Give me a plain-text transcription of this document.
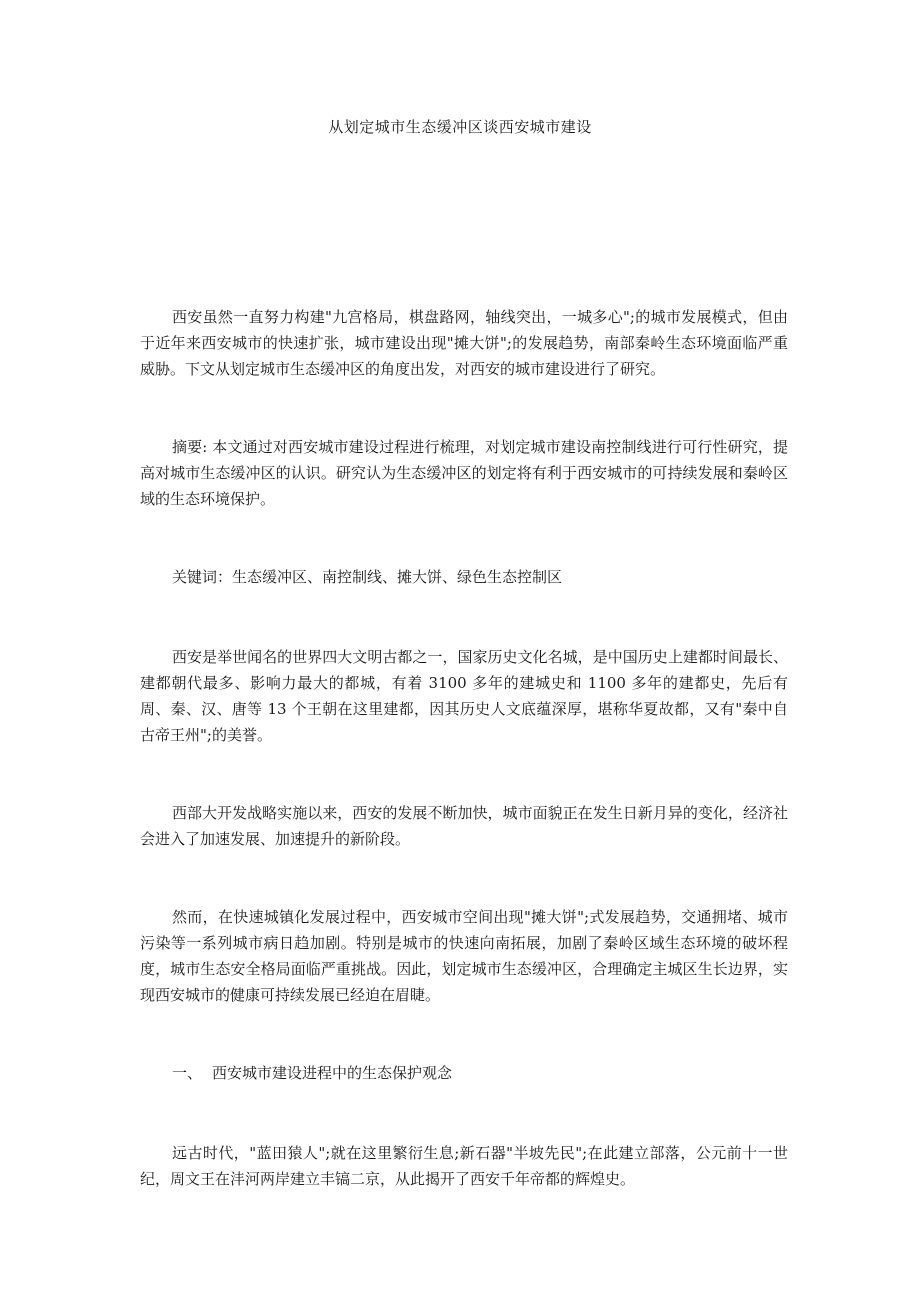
从划定城市生态缓冲区谈西安城市建设

西安虽然一直努力构建"九宫格局，棋盘路网，轴线突出，一城多心";的城市发展模式，但由于近年来西安城市的快速扩张，城市建设出现"摊大饼";的发展趋势，南部秦岭生态环境面临严重威胁。下文从划定城市生态缓冲区的角度出发，对西安的城市建设进行了研究。

摘要: 本文通过对西安城市建设过程进行梳理，对划定城市建设南控制线进行可行性研究，提高对城市生态缓冲区的认识。研究认为生态缓冲区的划定将有利于西安城市的可持续发展和秦岭区域的生态环境保护。

关键词：生态缓冲区、南控制线、摊大饼、绿色生态控制区

西安是举世闻名的世界四大文明古都之一，国家历史文化名城，是中国历史上建都时间最长、建都朝代最多、影响力最大的都城，有着 3100 多年的建城史和 1100 多年的建都史，先后有周、秦、汉、唐等 13 个王朝在这里建都，因其历史人文底蕴深厚，堪称华夏故都，又有"秦中自古帝王州";的美誉。

西部大开发战略实施以来，西安的发展不断加快，城市面貌正在发生日新月异的变化，经济社会进入了加速发展、加速提升的新阶段。

然而，在快速城镇化发展过程中，西安城市空间出现"摊大饼";式发展趋势，交通拥堵、城市污染等一系列城市病日趋加剧。特别是城市的快速向南拓展，加剧了秦岭区域生态环境的破坏程度，城市生态安全格局面临严重挑战。因此，划定城市生态缓冲区，合理确定主城区生长边界，实现西安城市的健康可持续发展已经迫在眉睫。

一、 西安城市建设进程中的生态保护观念

远古时代，"蓝田猿人";就在这里繁衍生息;新石器"半坡先民";在此建立部落，公元前十一世纪，周文王在沣河两岸建立丰镐二京，从此揭开了西安千年帝都的辉煌史。
